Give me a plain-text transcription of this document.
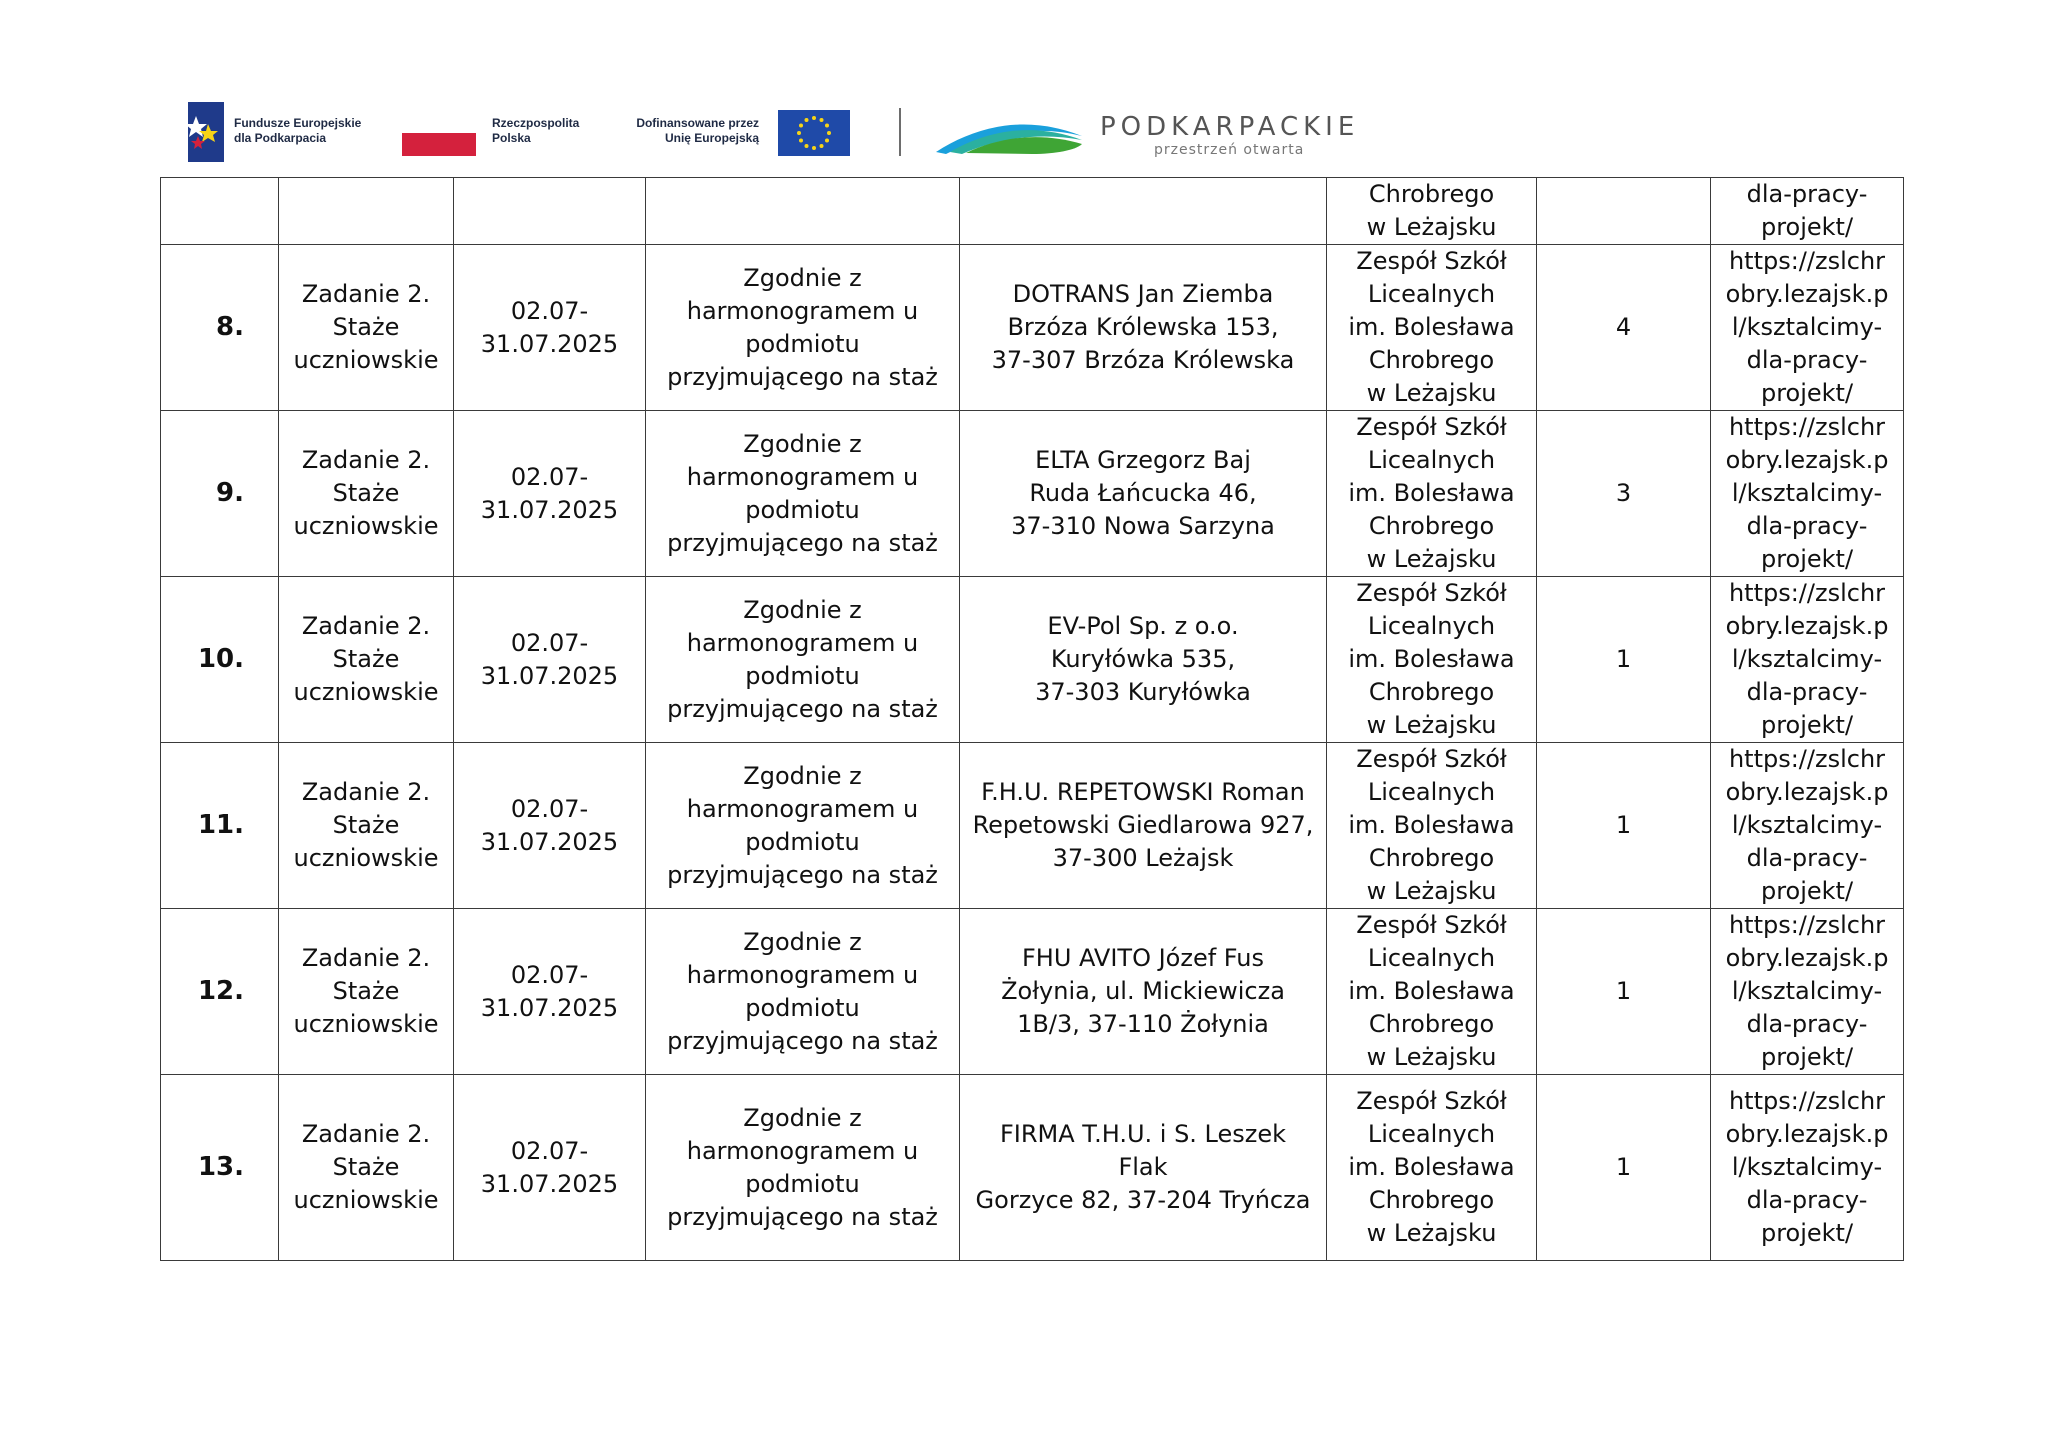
Fundusze Europejskie
dla Podkarpacia
Rzeczpospolita
Polska
Dofinansowane przez
Unię Europejską	PODKARPACKIE
przestrzeń otwarta
					Chrobrego
w Leżajsku		dla-pracy-
projekt/
8.	Zadanie 2.
Staże
uczniowskie	02.07-
31.07.2025	Zgodnie z
harmonogramem u
podmiotu
przyjmującego na staż	DOTRANS Jan Ziemba
Brzóza Królewska 153,
37-307 Brzóza Królewska	Zespół Szkół
Licealnych
im. Bolesława
Chrobrego
w Leżajsku	4	https://zslchr
obry.lezajsk.p
l/ksztalcimy-
dla-pracy-
projekt/
9.	Zadanie 2.
Staże
uczniowskie	02.07-
31.07.2025	Zgodnie z
harmonogramem u
podmiotu
przyjmującego na staż	ELTA Grzegorz Baj
Ruda Łańcucka 46,
37-310 Nowa Sarzyna	Zespół Szkół
Licealnych
im. Bolesława
Chrobrego
w Leżajsku	3	https://zslchr
obry.lezajsk.p
l/ksztalcimy-
dla-pracy-
projekt/
10.	Zadanie 2.
Staże
uczniowskie	02.07-
31.07.2025	Zgodnie z
harmonogramem u
podmiotu
przyjmującego na staż	EV-Pol Sp. z o.o.
Kuryłówka 535,
37-303 Kuryłówka	Zespół Szkół
Licealnych
im. Bolesława
Chrobrego
w Leżajsku	1	https://zslchr
obry.lezajsk.p
l/ksztalcimy-
dla-pracy-
projekt/
11.	Zadanie 2.
Staże
uczniowskie	02.07-
31.07.2025	Zgodnie z
harmonogramem u
podmiotu
przyjmującego na staż	F.H.U. REPETOWSKI Roman
Repetowski Giedlarowa 927,
37-300 Leżajsk	Zespół Szkół
Licealnych
im. Bolesława
Chrobrego
w Leżajsku	1	https://zslchr
obry.lezajsk.p
l/ksztalcimy-
dla-pracy-
projekt/
12.	Zadanie 2.
Staże
uczniowskie	02.07-
31.07.2025	Zgodnie z
harmonogramem u
podmiotu
przyjmującego na staż	FHU AVITO Józef Fus
Żołynia, ul. Mickiewicza
1B/3, 37-110 Żołynia	Zespół Szkół
Licealnych
im. Bolesława
Chrobrego
w Leżajsku	1	https://zslchr
obry.lezajsk.p
l/ksztalcimy-
dla-pracy-
projekt/
13.	Zadanie 2.
Staże
uczniowskie	02.07-
31.07.2025	Zgodnie z
harmonogramem u
podmiotu
przyjmującego na staż	FIRMA T.H.U. i S. Leszek
Flak
Gorzyce 82, 37-204 Tryńcza	Zespół Szkół
Licealnych
im. Bolesława
Chrobrego
w Leżajsku	1	https://zslchr
obry.lezajsk.p
l/ksztalcimy-
dla-pracy-
projekt/
